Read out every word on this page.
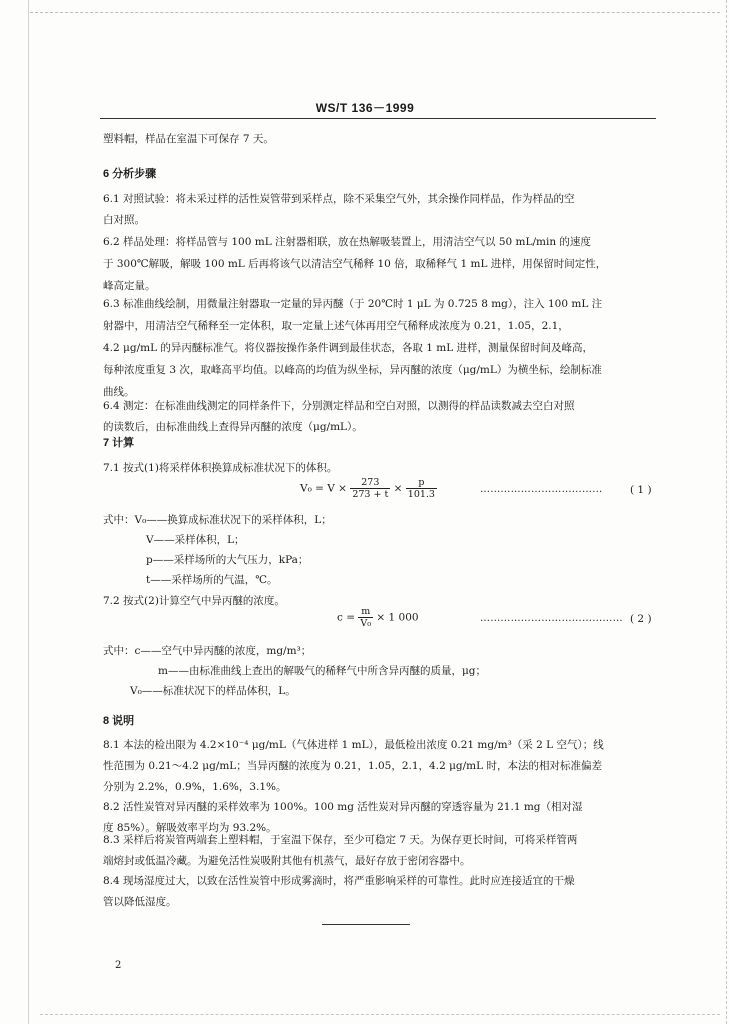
WS/T 136－1999
塑料帽，样品在室温下可保存 7 天。
6 分析步骤
6.1 对照试验：将未采过样的活性炭管带到采样点，除不采集空气外，其余操作同样品，作为样品的空
白对照。
6.2 样品处理：将样品管与 100 mL 注射器相联，放在热解吸装置上，用清洁空气以 50 mL/min 的速度
于 300℃解吸，解吸 100 mL 后再将该气以清洁空气稀释 10 倍，取稀释气 1 mL 进样，用保留时间定性，
峰高定量。
6.3 标准曲线绘制，用微量注射器取一定量的异丙醚（于 20℃时 1 μL 为 0.725 8 mg），注入 100 mL 注
射器中，用清洁空气稀释至一定体积，取一定量上述气体再用空气稀释成浓度为 0.21，1.05，2.1，
4.2 μg/mL 的异丙醚标准气。将仪器按操作条件调到最佳状态，各取 1 mL 进样，测量保留时间及峰高，
每种浓度重复 3 次，取峰高平均值。以峰高的均值为纵坐标，异丙醚的浓度（μg/mL）为横坐标，绘制标准
曲线。
6.4 测定：在标准曲线测定的同样条件下，分别测定样品和空白对照，以测得的样品读数减去空白对照
的读数后，由标准曲线上查得异丙醚的浓度（μg/mL）。
7 计算
7.1 按式(1)将采样体积换算成标准状况下的体积。
$V_0 = V \times \frac{273}{273 + t} \times \frac{p}{101.3}$	………………………………	( 1 )
式中：V₀——换算成标准状况下的采样体积，L；
V——采样体积，L；
p——采样场所的大气压力，kPa；
t——采样场所的气温，℃。
7.2 按式(2)计算空气中异丙醚的浓度。
$c = \frac{m}{\text{V₀}} \times 1$ 000	…………………………………… ( 2 )
式中：c——空气中异丙醚的浓度，mg/m³；
m——由标准曲线上查出的解吸气的稀释气中所含异丙醚的质量，μg；
V₀——标准状况下的样品体积，L。
8 说明
8.1 本法的检出限为 4.2×10⁻⁴ μg/mL（气体进样 1 mL），最低检出浓度 0.21 mg/m³（采 2 L 空气）；线
性范围为 0.21～4.2 μg/mL；当异丙醚的浓度为 0.21，1.05，2.1，4.2 μg/mL 时，本法的相对标准偏差
分别为 2.2%，0.9%，1.6%，3.1%。
8.2 活性炭管对异丙醚的采样效率为 100%。100 mg 活性炭对异丙醚的穿透容量为 21.1 mg（相对湿
度 85%）。解吸效率平均为 93.2%。
8.3 采样后将炭管两端套上塑料帽，于室温下保存，至少可稳定 7 天。为保存更长时间，可将采样管两
端熔封或低温冷藏。为避免活性炭吸附其他有机蒸气，最好存放于密闭容器中。
8.4 现场湿度过大，以致在活性炭管中形成雾滴时，将严重影响采样的可靠性。此时应连接适宜的干燥
管以降低湿度。
2
